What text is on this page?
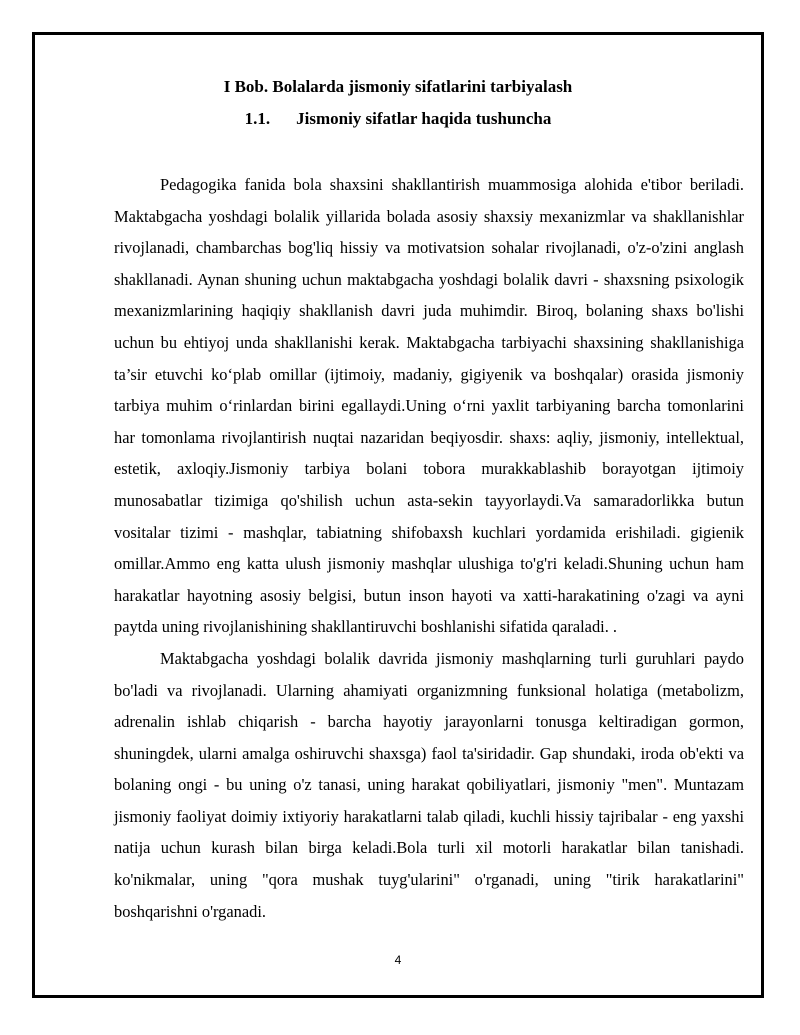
I Bob. Bolalarda jismoniy sifatlarini tarbiyalash
1.1. Jismoniy sifatlar haqida tushuncha

Pedagogika fanida bola shaxsini shakllantirish muammosiga alohida e'tibor beriladi. Maktabgacha yoshdagi bolalik yillarida bolada asosiy shaxsiy mexanizmlar va shakllanishlar rivojlanadi, chambarchas bog'liq hissiy va motivatsion sohalar rivojlanadi, o'z-o'zini anglash shakllanadi. Aynan shuning uchun maktabgacha yoshdagi bolalik davri - shaxsning psixologik mexanizmlarining haqiqiy shakllanish davri juda muhimdir. Biroq, bolaning shaxs bo'lishi uchun bu ehtiyoj unda shakllanishi kerak. Maktabgacha tarbiyachi shaxsining shakllanishiga ta’sir etuvchi ko‘plab omillar (ijtimoiy, madaniy, gigiyenik va boshqalar) orasida jismoniy tarbiya muhim o‘rinlardan birini egallaydi.Uning o‘rni yaxlit tarbiyaning barcha tomonlarini har tomonlama rivojlantirish nuqtai nazaridan beqiyosdir. shaxs: aqliy, jismoniy, intellektual, estetik, axloqiy.Jismoniy tarbiya bolani tobora murakkablashib borayotgan ijtimoiy munosabatlar tizimiga qo'shilish uchun asta-sekin tayyorlaydi.Va samaradorlikka butun vositalar tizimi - mashqlar, tabiatning shifobaxsh kuchlari yordamida erishiladi. gigienik omillar.Ammo eng katta ulush jismoniy mashqlar ulushiga to'g'ri keladi.Shuning uchun ham harakatlar hayotning asosiy belgisi, butun inson hayoti va xatti-harakatining o'zagi va ayni paytda uning rivojlanishining shakllantiruvchi boshlanishi sifatida qaraladi. .

Maktabgacha yoshdagi bolalik davrida jismoniy mashqlarning turli guruhlari paydo bo'ladi va rivojlanadi. Ularning ahamiyati organizmning funksional holatiga (metabolizm, adrenalin ishlab chiqarish - barcha hayotiy jarayonlarni tonusga keltiradigan gormon, shuningdek, ularni amalga oshiruvchi shaxsga) faol ta'siridadir. Gap shundaki, iroda ob'ekti va bolaning ongi - bu uning o'z tanasi, uning harakat qobiliyatlari, jismoniy "men". Muntazam jismoniy faoliyat doimiy ixtiyoriy harakatlarni talab qiladi, kuchli hissiy tajribalar - eng yaxshi natija uchun kurash bilan birga keladi.Bola turli xil motorli harakatlar bilan tanishadi. ko'nikmalar, uning "qora mushak tuyg'ularini" o'rganadi, uning "tirik harakatlarini" boshqarishni o'rganadi.

4
